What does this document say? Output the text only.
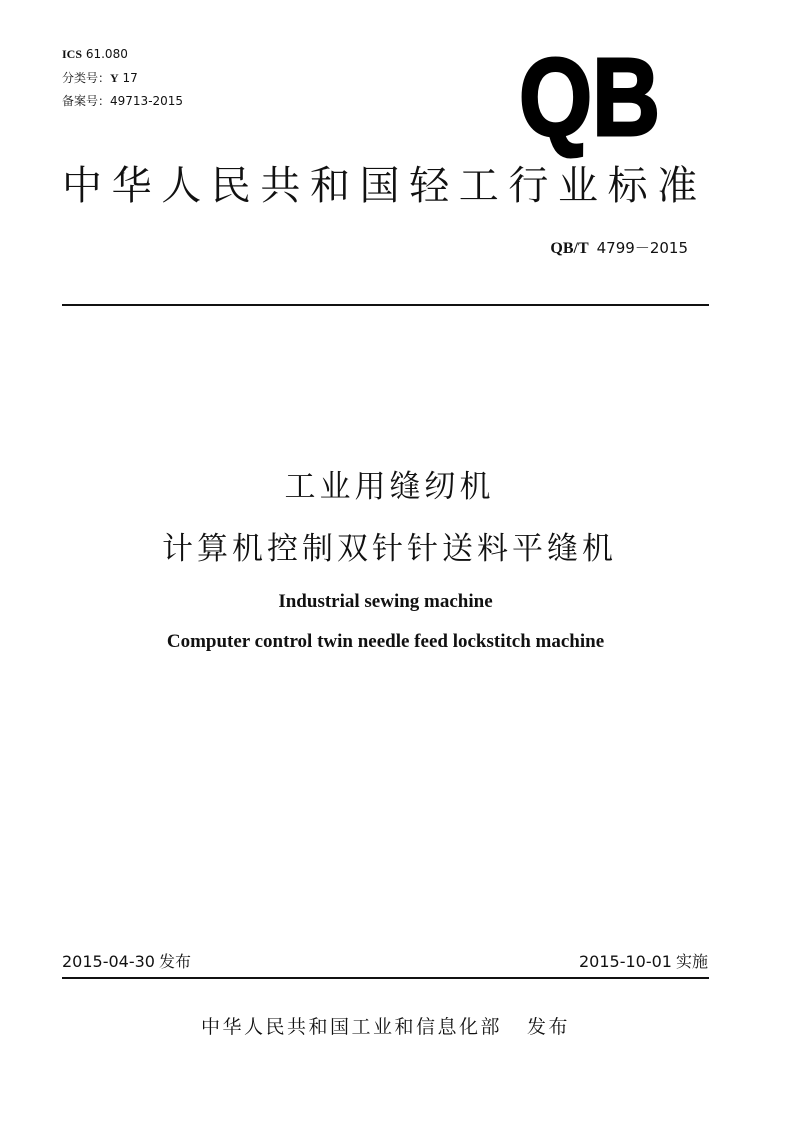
ICS 61.080
分类号：Y 17
备案号：49713-2015	QB
中华人民共和国轻工行业标准
QB/T 4799－2015
工业用缝纫机
计算机控制双针针送料平缝机
Industrial sewing machine
Computer control twin needle feed lockstitch machine
2015-04-30 发布	2015-10-01 实施
中华人民共和国工业和信息化部 发布
